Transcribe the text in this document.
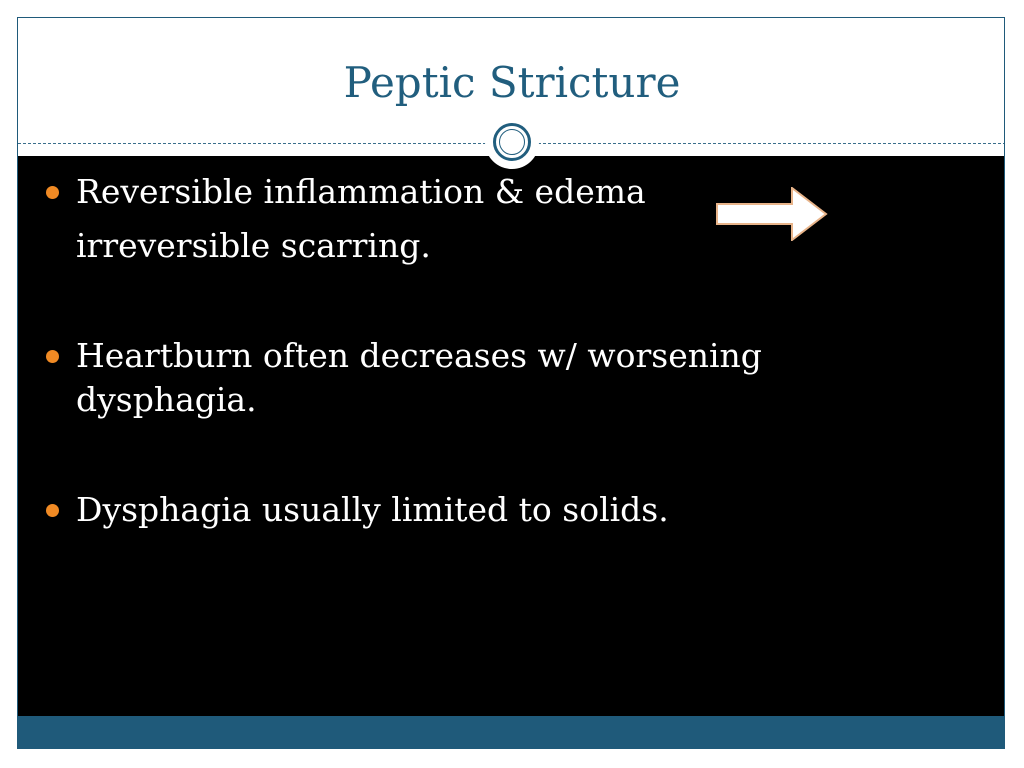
Peptic Stricture
Reversible inflammation & edema
irreversible scarring.
Heartburn often decreases w/ worsening dysphagia.
Dysphagia usually limited to solids.
